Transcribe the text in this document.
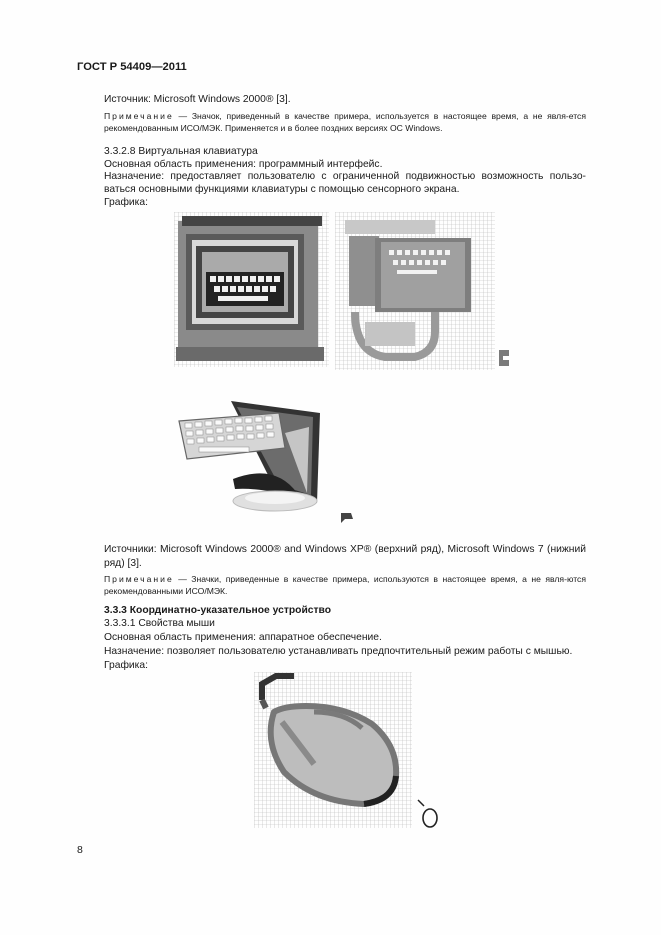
ГОСТ Р 54409—2011
Источник: Microsoft Windows 2000® [3].
Примечание — Значок, приведенный в качестве примера, используется в настоящее время, а не явля-ется рекомендованным ИСО/МЭК. Применяется и в более поздних версиях ОС Windows.
3.3.2.8 Виртуальная клавиатура
Основная область применения: программный интерфейс.
Назначение: предоставляет пользователю с ограниченной подвижностью возможность пользо-ваться основными функциями клавиатуры с помощью сенсорного экрана.
Графика:
Источники: Microsoft Windows 2000® and Windows XP® (верхний ряд), Microsoft Windows 7 (нижний ряд) [3].
Примечание — Значки, приведенные в качестве примера, используются в настоящее время, а не явля-ются рекомендованными ИСО/МЭК.
3.3.3 Координатно-указательное устройство
3.3.3.1 Свойства мыши
Основная область применения: аппаратное обеспечение.
Назначение: позволяет пользователю устанавливать предпочтительный режим работы с мышью.
Графика:
8
